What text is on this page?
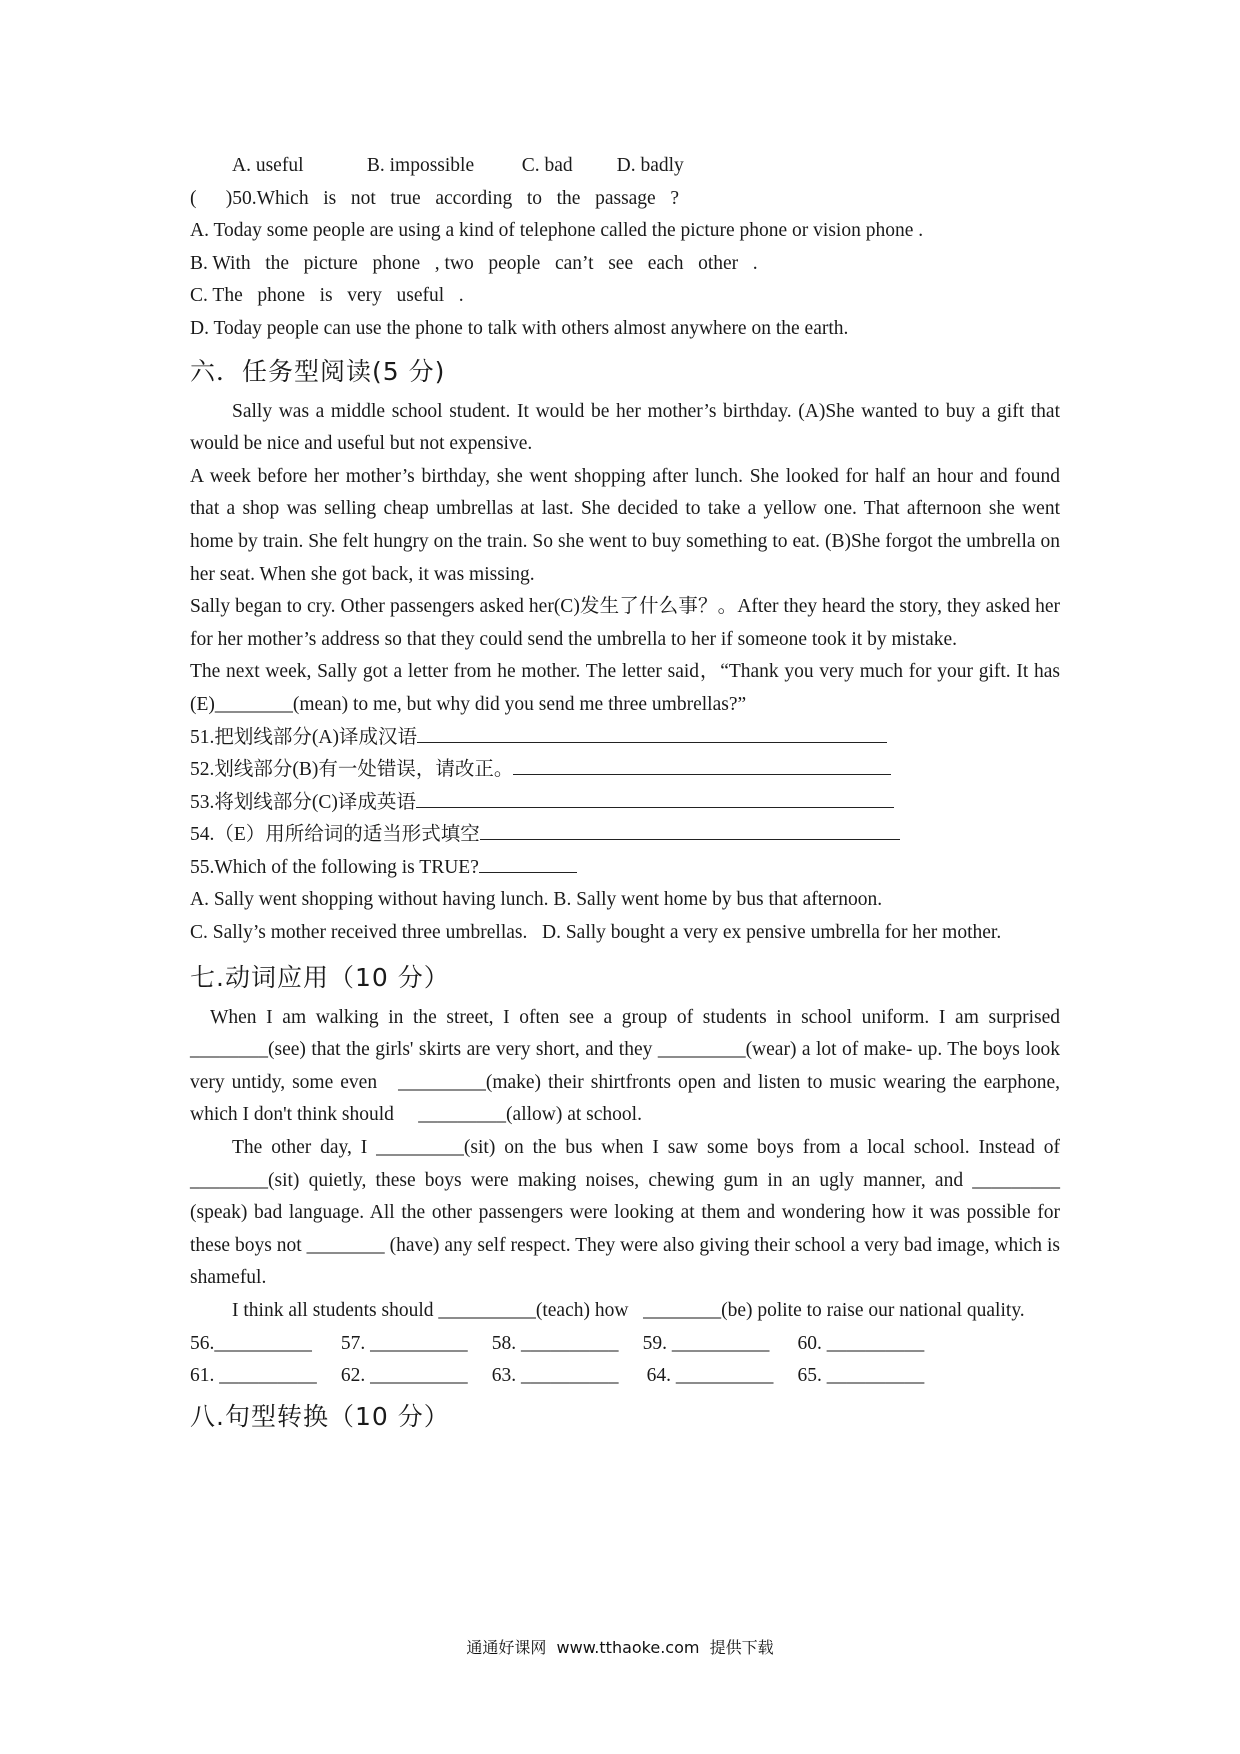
A. useful	B. impossible C. bad D. badly
(      )50.Which   is   not   true   according   to   the   passage   ?
A. Today some people are using a kind of telephone called the picture phone or vision phone .
B. With   the   picture   phone   , two   people   can’t   see   each   other   .
C. The   phone   is   very   useful   .
D. Today people can use the phone to talk with others almost anywhere on the earth.
六．任务型阅读(5 分)
Sally was a middle school student. It would be her mother’s birthday. (A)She wanted to buy a gift that would be nice and useful but not expensive.
A week before her mother’s birthday, she went shopping after lunch. She looked for half an hour and found that a shop was selling cheap umbrellas at last. She decided to take a yellow one. That afternoon she went home by train. She felt hungry on the train. So she went to buy something to eat. (B)She forgot the umbrella on her seat. When she got back, it was missing.
Sally began to cry. Other passengers asked her(C)发生了什么事？。After they heard the story, they asked her for her mother’s address so that they could send the umbrella to her if someone took it by mistake.
The next week, Sally got a letter from he mother. The letter said，“Thank you very much for your gift. It has (E)________(mean) to me, but why did you send me three umbrellas?”
51.把划线部分(A)译成汉语
52.划线部分(B)有一处错误，请改正。
53.将划线部分(C)译成英语
54.（E）用所给词的适当形式填空
55.Which of the following is TRUE?
A. Sally went shopping without having lunch. B. Sally went home by bus that afternoon.
C. Sally’s mother received three umbrellas.   D. Sally bought a very ex pensive umbrella for her mother.
七.动词应用（10 分）
When I am walking in the street, I often see a group of students in school uniform. I am surprised ________(see) that the girls' skirts are very short, and they _________(wear) a lot of make- up. The boys look very untidy, some even   _________(make) their shirtfronts open and listen to music wearing the earphone, which I don't think should     _________(allow) at school.
The other day, I _________(sit) on the bus when I saw some boys from a local school. Instead of   ________(sit) quietly, these boys were making noises, chewing gum in an ugly manner, and _________ (speak) bad language. All the other passengers were looking at them and wondering how it was possible for these boys not ________ (have) any self respect. They were also giving their school a very bad image, which is shameful.
I think all students should __________(teach) how   ________(be) polite to raise our national quality.
56.__________ 57. __________ 58. __________ 59. __________ 60. __________
61. __________ 62. __________ 63. __________ 64. __________ 65. __________
八.句型转换（10 分）
通通好课网  www.tthaoke.com  提供下载
